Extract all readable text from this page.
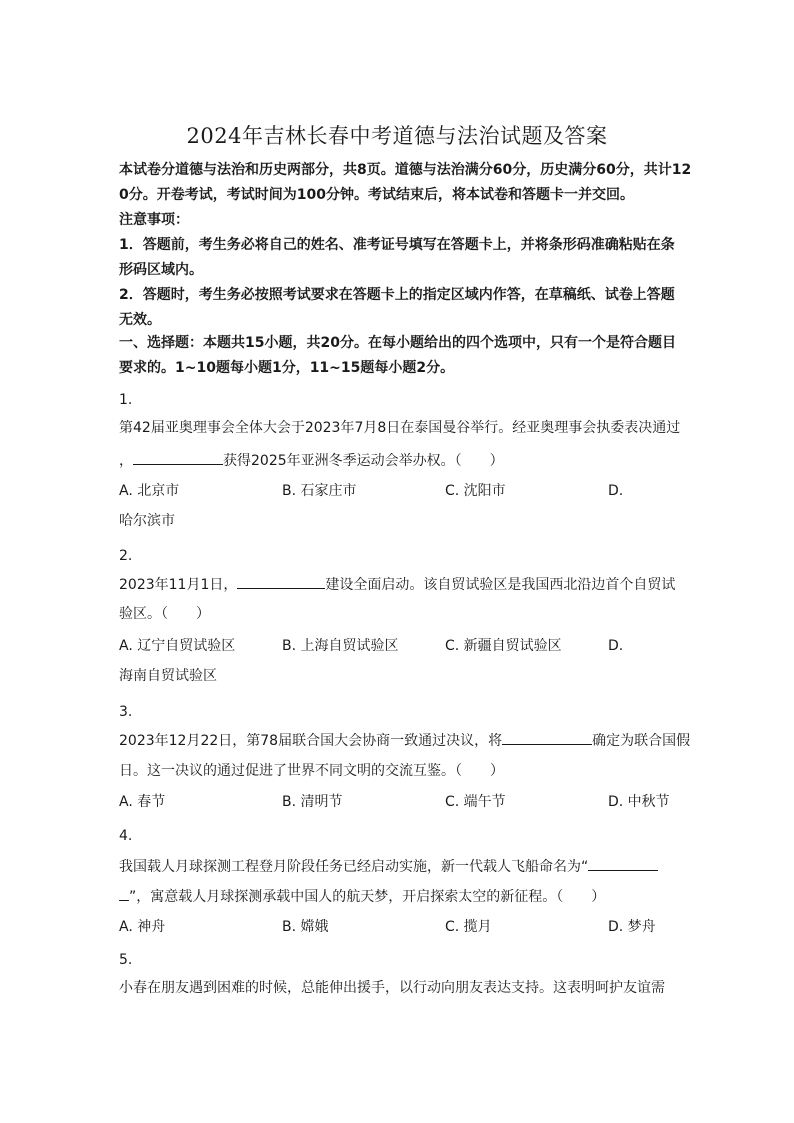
2024年吉林长春中考道德与法治试题及答案
本试卷分道德与法治和历史两部分，共8页。道德与法治满分60分，历史满分60分，共计12
0分。开卷考试，考试时间为100分钟。考试结束后，将本试卷和答题卡一并交回。
注意事项：
1．答题前，考生务必将自己的姓名、准考证号填写在答题卡上，并将条形码准确粘贴在条
形码区域内。
2．答题时，考生务必按照考试要求在答题卡上的指定区域内作答，在草稿纸、试卷上答题
无效。
一、选择题：本题共15小题，共20分。在每小题给出的四个选项中，只有一个是符合题目
要求的。1~10题每小题1分，11~15题每小题2分。
1.
第42届亚奥理事会全体大会于2023年7月8日在泰国曼谷举行。经亚奥理事会执委表决通过
，	获得2025年亚洲冬季运动会举办权。（　　）
A. 北京市	B. 石家庄市	C. 沈阳市	D.
哈尔滨市
2.
2023年11月1日，	建设全面启动。该自贸试验区是我国西北沿边首个自贸试
验区。（　　）
A. 辽宁自贸试验区	B. 上海自贸试验区	C. 新疆自贸试验区	D.
海南自贸试验区
3.
2023年12月22日，第78届联合国大会协商一致通过决议，将	确定为联合国假
日。这一决议的通过促进了世界不同文明的交流互鉴。（　　）
A. 春节	B. 清明节	C. 端午节	D. 中秋节
4.
我国载人月球探测工程登月阶段任务已经启动实施，新一代载人飞船命名为“
”，寓意载人月球探测承载中国人的航天梦，开启探索太空的新征程。（　　）
A. 神舟	B. 嫦娥	C. 揽月	D. 梦舟
5.
小春在朋友遇到困难的时候，总能伸出援手，以行动向朋友表达支持。这表明呵护友谊需
